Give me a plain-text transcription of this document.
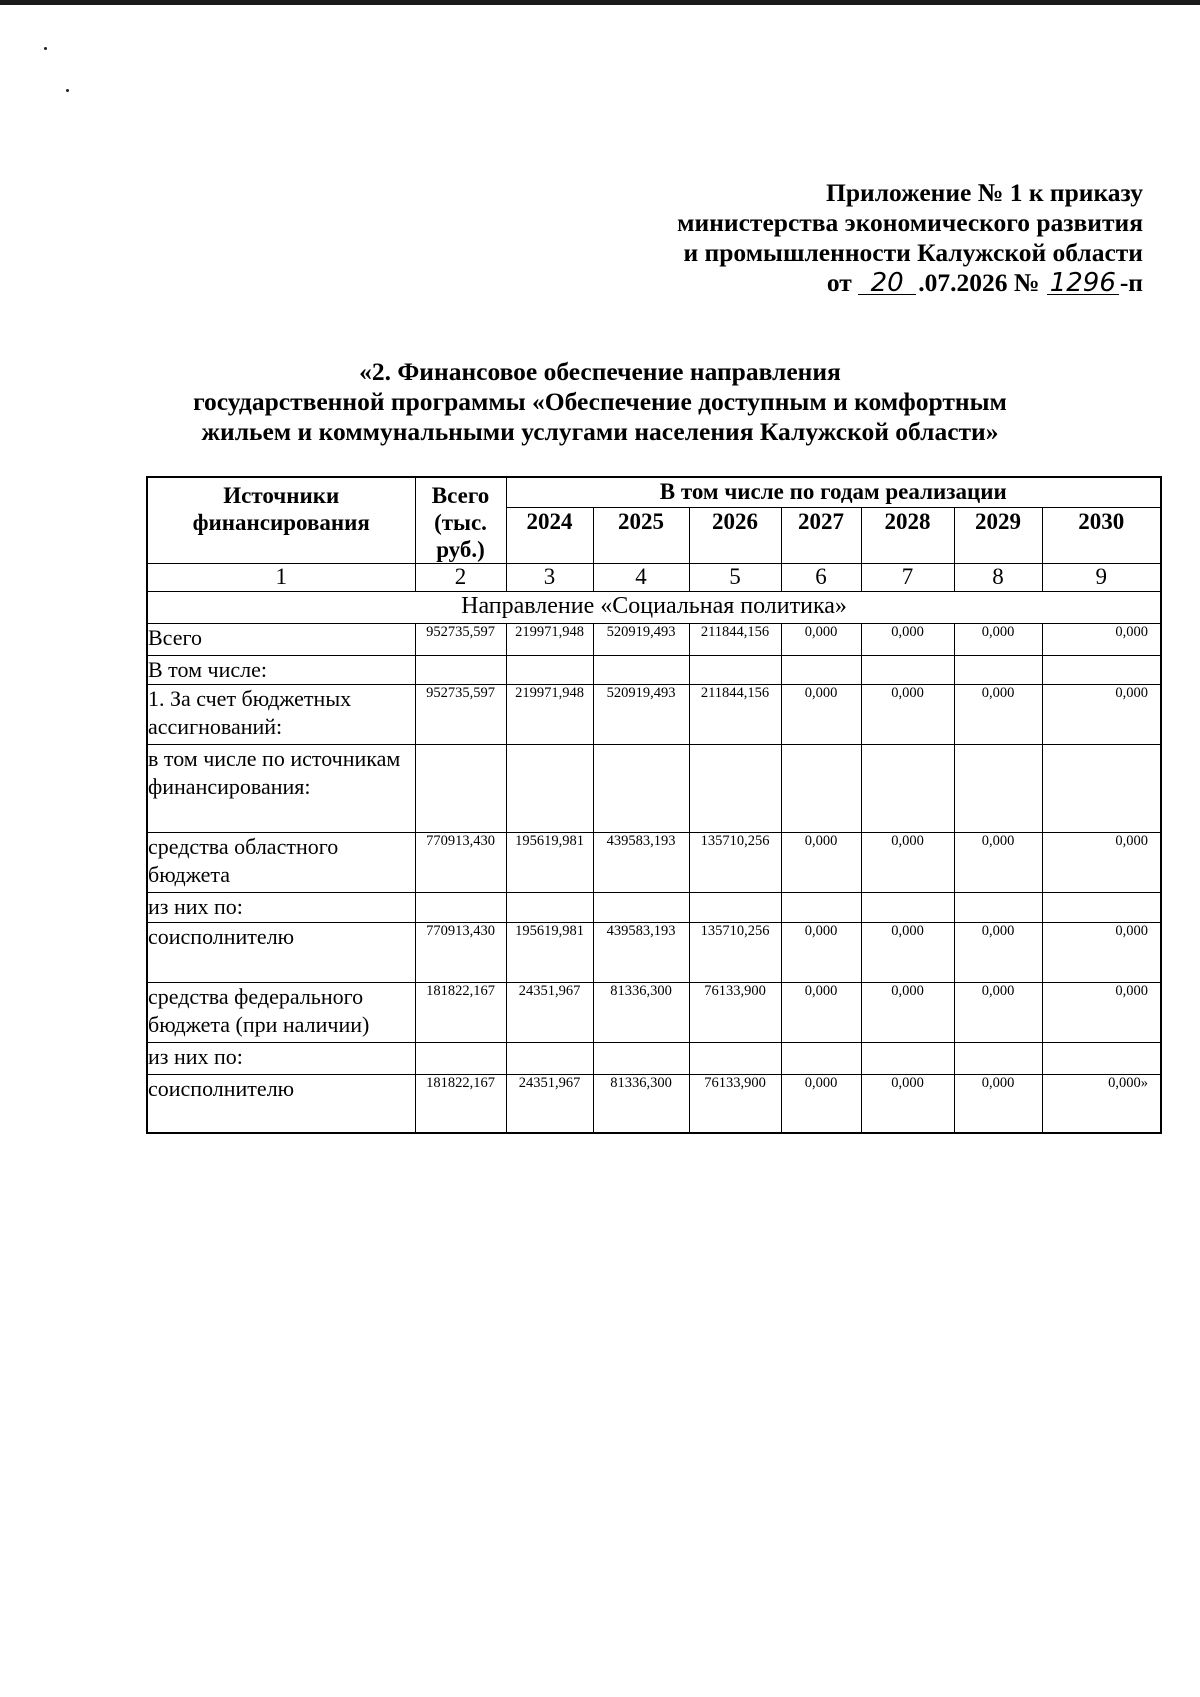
Приложение № 1 к приказу
министерства экономического развития
и промышленности Калужской области
от 20 .07.2026 № 1296 -п
«2. Финансовое обеспечение направления
государственной программы «Обеспечение доступным и комфортным
жильем и коммунальными услугами населения Калужской области»
Источники финансирования	Всего (тыс. руб.)	В том числе по годам реализации						
		2024	2025	2026	2027	2028	2029	2030
1	2	3	4	5	6	7	8	9
Направление «Социальная политика»								
Всего	952735,597	219971,948	520919,493	211844,156	0,000	0,000	0,000	0,000
В том числе:								
1. За счет бюджетных ассигнований:	952735,597	219971,948	520919,493	211844,156	0,000	0,000	0,000	0,000
в том числе по источникам финансирования:								
средства областного бюджета	770913,430	195619,981	439583,193	135710,256	0,000	0,000	0,000	0,000
из них по:								
соисполнителю	770913,430	195619,981	439583,193	135710,256	0,000	0,000	0,000	0,000
средства федерального бюджета (при наличии)	181822,167	24351,967	81336,300	76133,900	0,000	0,000	0,000	0,000
из них по:								
соисполнителю	181822,167	24351,967	81336,300	76133,900	0,000	0,000	0,000	0,000»
